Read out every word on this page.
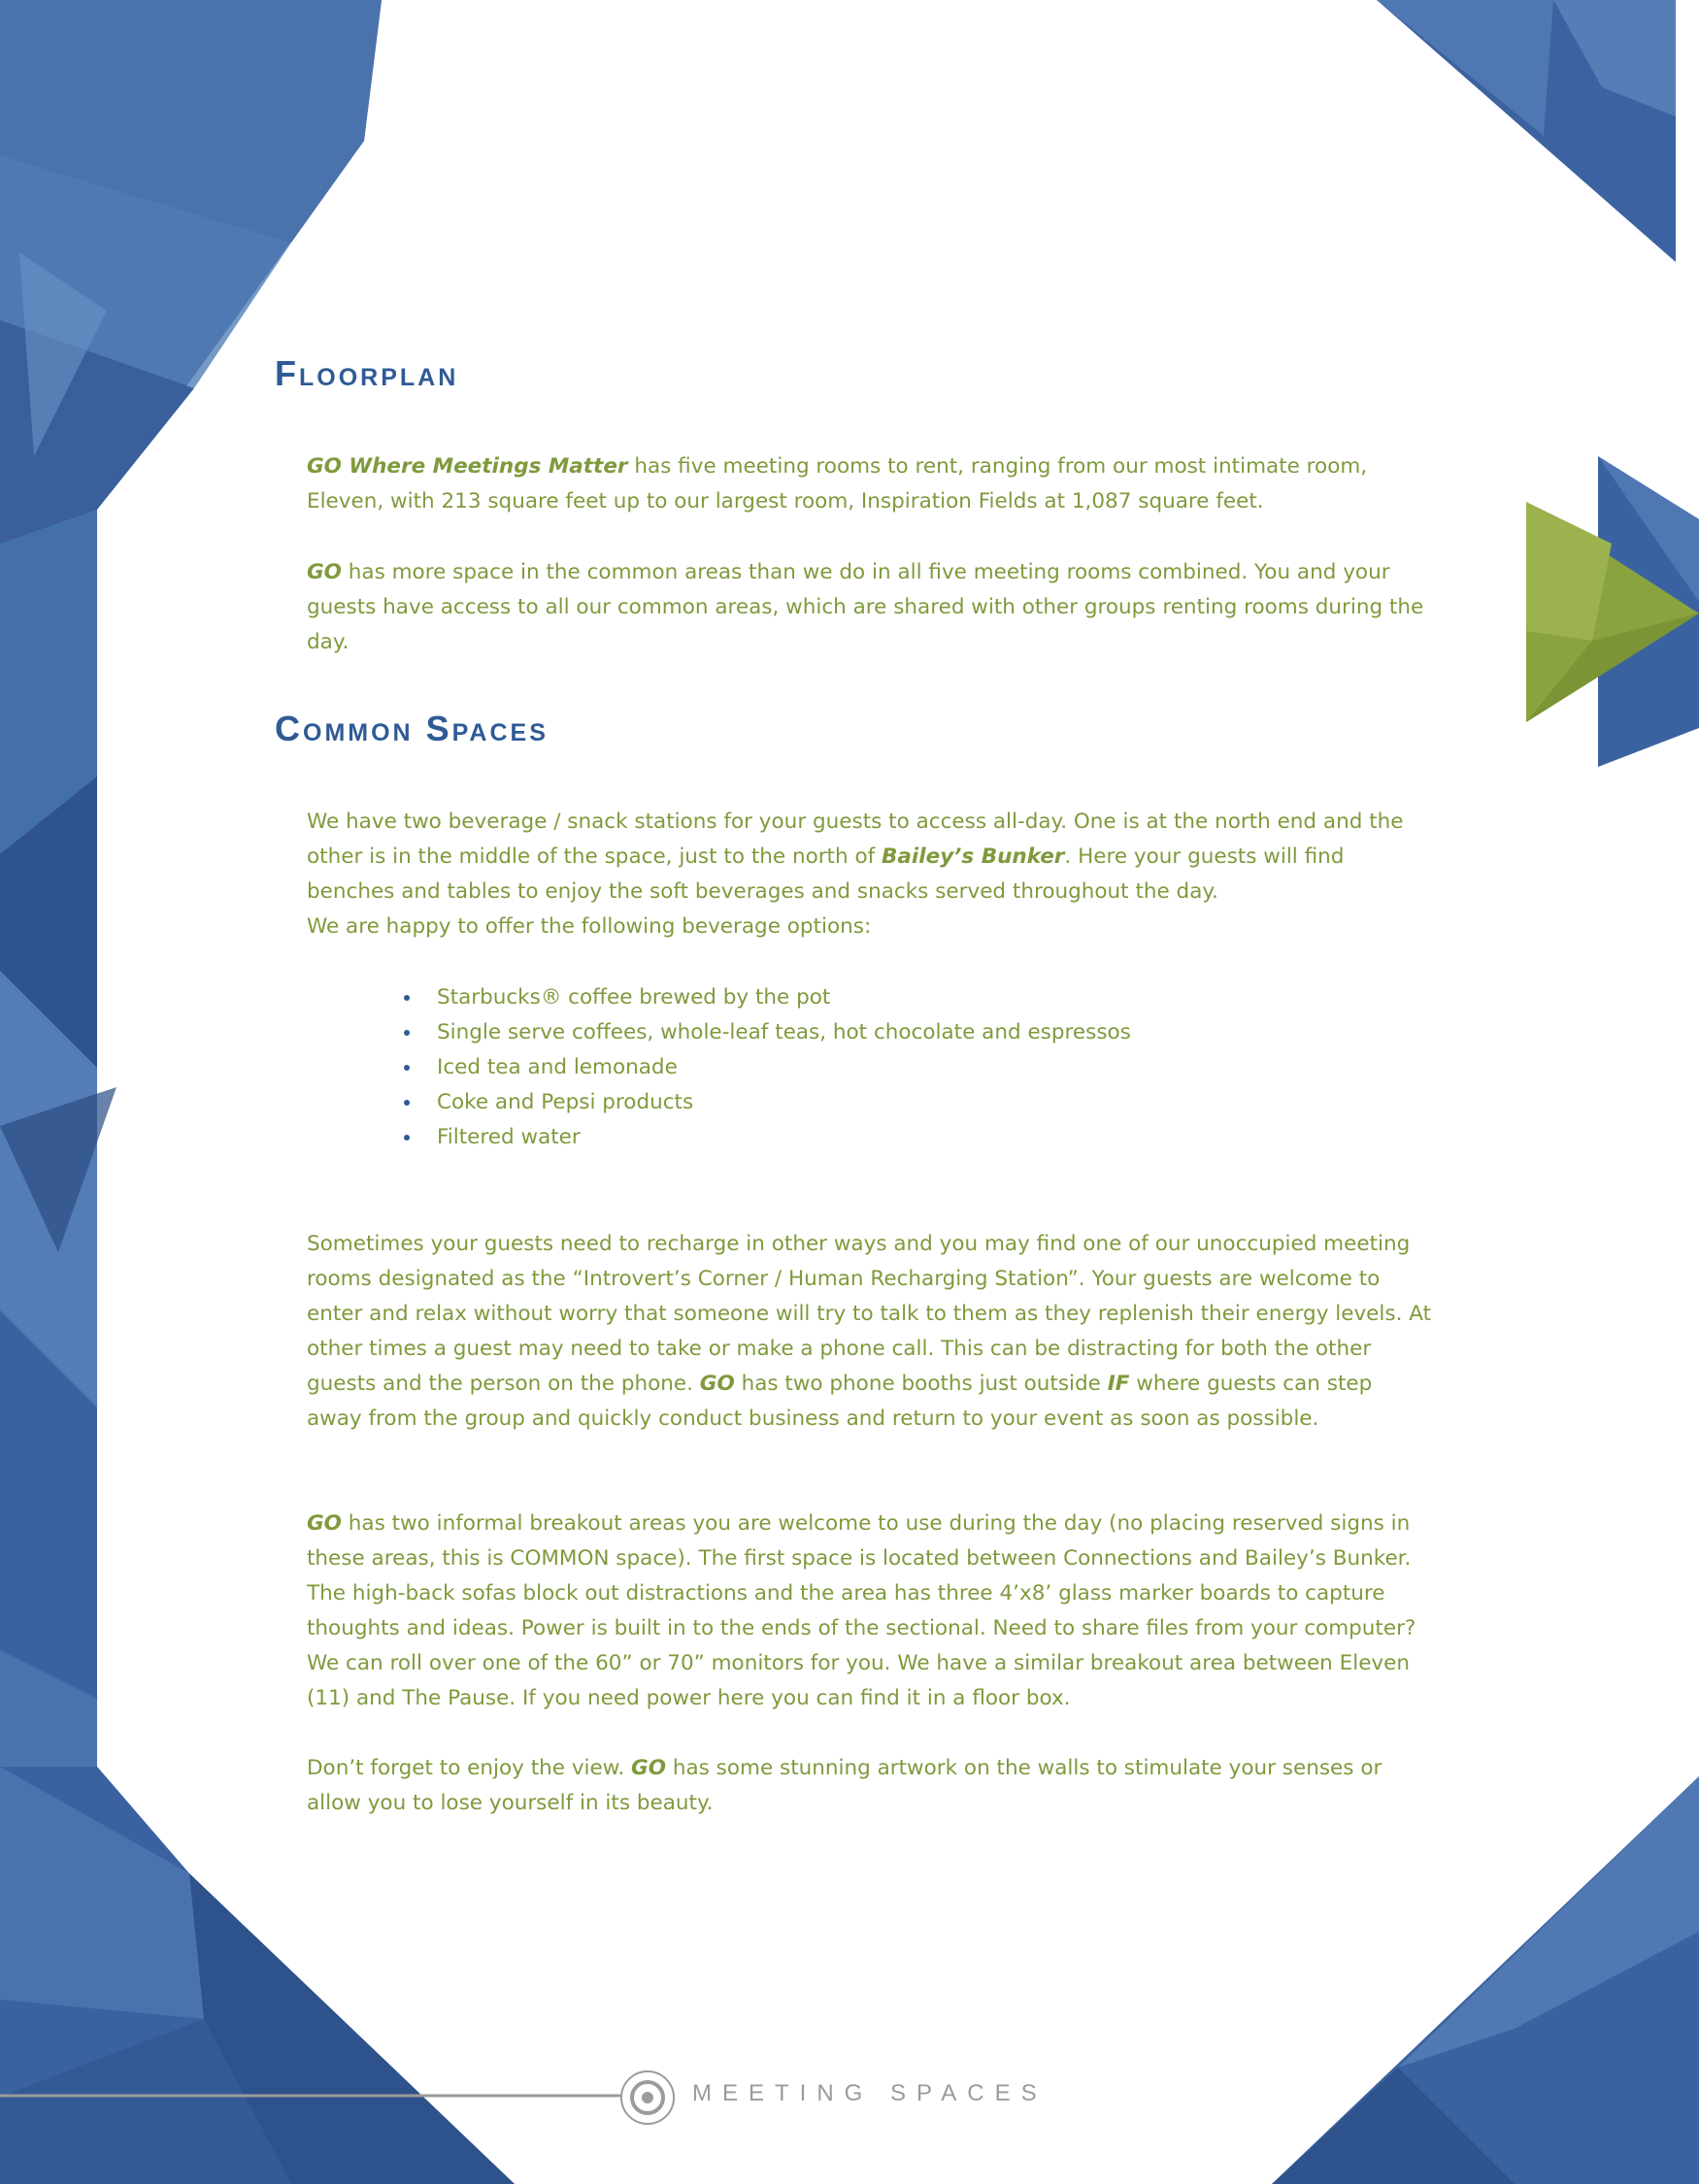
Floorplan

GO Where Meetings Matter has five meeting rooms to rent, ranging from our most intimate room, Eleven, with 213 square feet up to our largest room, Inspiration Fields at 1,087 square feet.

GO has more space in the common areas than we do in all five meeting rooms combined. You and your guests have access to all our common areas, which are shared with other groups renting rooms during the day.

Common Spaces

We have two beverage / snack stations for your guests to access all-day. One is at the north end and the other is in the middle of the space, just to the north of Bailey’s Bunker. Here your guests will find benches and tables to enjoy the soft beverages and snacks served throughout the day.
We are happy to offer the following beverage options:

Starbucks® coffee brewed by the pot
Single serve coffees, whole-leaf teas, hot chocolate and espressos
Iced tea and lemonade
Coke and Pepsi products
Filtered water

Sometimes your guests need to recharge in other ways and you may find one of our unoccupied meeting rooms designated as the “Introvert’s Corner / Human Recharging Station”. Your guests are welcome to enter and relax without worry that someone will try to talk to them as they replenish their energy levels. At other times a guest may need to take or make a phone call. This can be distracting for both the other guests and the person on the phone. GO has two phone booths just outside IF where guests can step away from the group and quickly conduct business and return to your event as soon as possible.

GO has two informal breakout areas you are welcome to use during the day (no placing reserved signs in these areas, this is COMMON space). The first space is located between Connections and Bailey’s Bunker. The high-back sofas block out distractions and the area has three 4’x8’ glass marker boards to capture thoughts and ideas. Power is built in to the ends of the sectional. Need to share files from your computer? We can roll over one of the 60” or 70” monitors for you. We have a similar breakout area between Eleven (11) and The Pause. If you need power here you can find it in a floor box.

Don’t forget to enjoy the view. GO has some stunning artwork on the walls to stimulate your senses or allow you to lose yourself in its beauty.

MEETING SPACES
